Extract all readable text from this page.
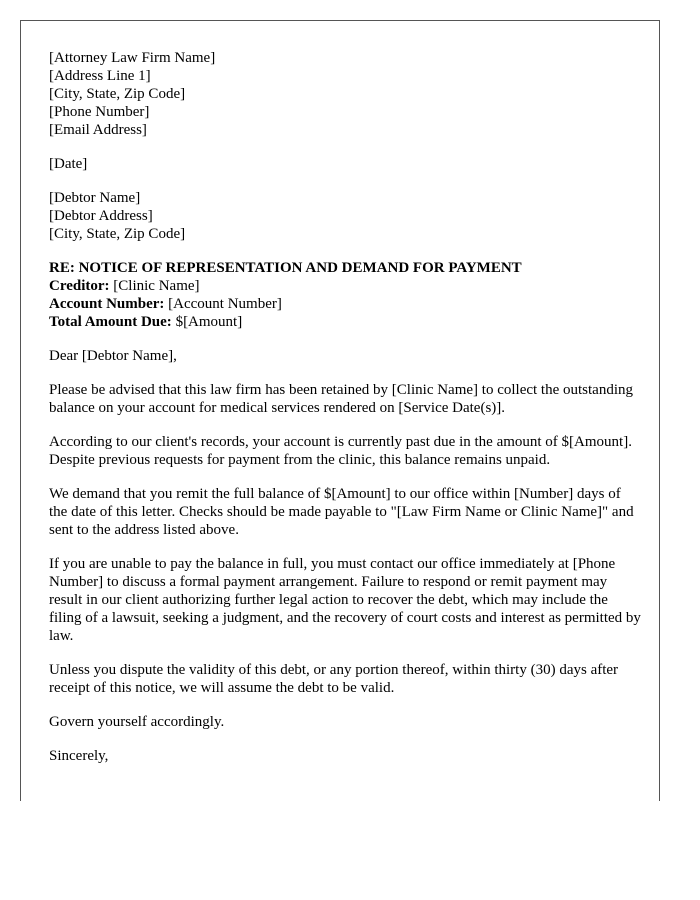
[Attorney Law Firm Name]
[Address Line 1]
[City, State, Zip Code]
[Phone Number]
[Email Address]
[Date]
[Debtor Name]
[Debtor Address]
[City, State, Zip Code]
RE: NOTICE OF REPRESENTATION AND DEMAND FOR PAYMENT
Creditor: [Clinic Name]
Account Number: [Account Number]
Total Amount Due: $[Amount]

Dear [Debtor Name],

Please be advised that this law firm has been retained by [Clinic Name] to collect the outstanding balance on your account for medical services rendered on [Service Date(s)].

According to our client's records, your account is currently past due in the amount of $[Amount]. Despite previous requests for payment from the clinic, this balance remains unpaid.

We demand that you remit the full balance of $[Amount] to our office within [Number] days of the date of this letter. Checks should be made payable to "[Law Firm Name or Clinic Name]" and sent to the address listed above.

If you are unable to pay the balance in full, you must contact our office immediately at [Phone Number] to discuss a formal payment arrangement. Failure to respond or remit payment may result in our client authorizing further legal action to recover the debt, which may include the filing of a lawsuit, seeking a judgment, and the recovery of court costs and interest as permitted by law.

Unless you dispute the validity of this debt, or any portion thereof, within thirty (30) days after receipt of this notice, we will assume the debt to be valid.

Govern yourself accordingly.

Sincerely,
